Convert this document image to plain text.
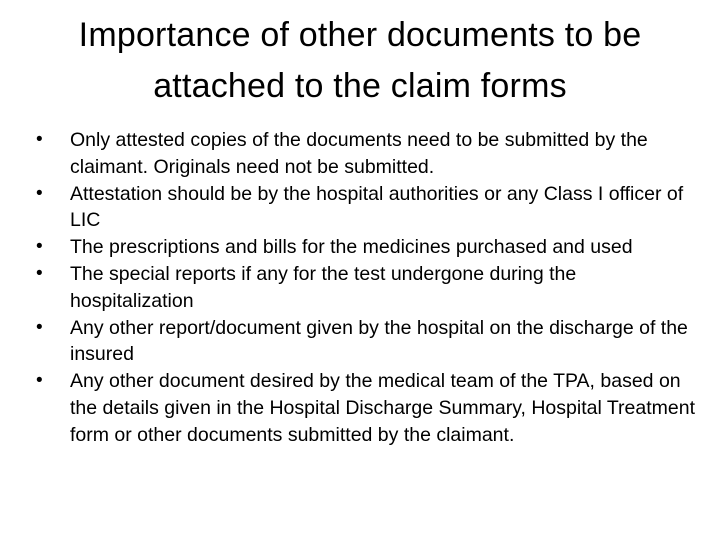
Importance of other documents to be attached to the claim forms
•	Only attested copies of the documents need to be submitted by the claimant. Originals need not be submitted.
•	Attestation should be by the hospital authorities or any Class I officer of LIC
•	The prescriptions and bills for the medicines purchased and used
•	The special reports if any for the test undergone during the hospitalization
•	Any other report/document given by the hospital on the discharge of the insured
•	Any other document desired by the medical team of the TPA, based on the details given in the Hospital Discharge Summary, Hospital Treatment form or other documents submitted by the claimant.
